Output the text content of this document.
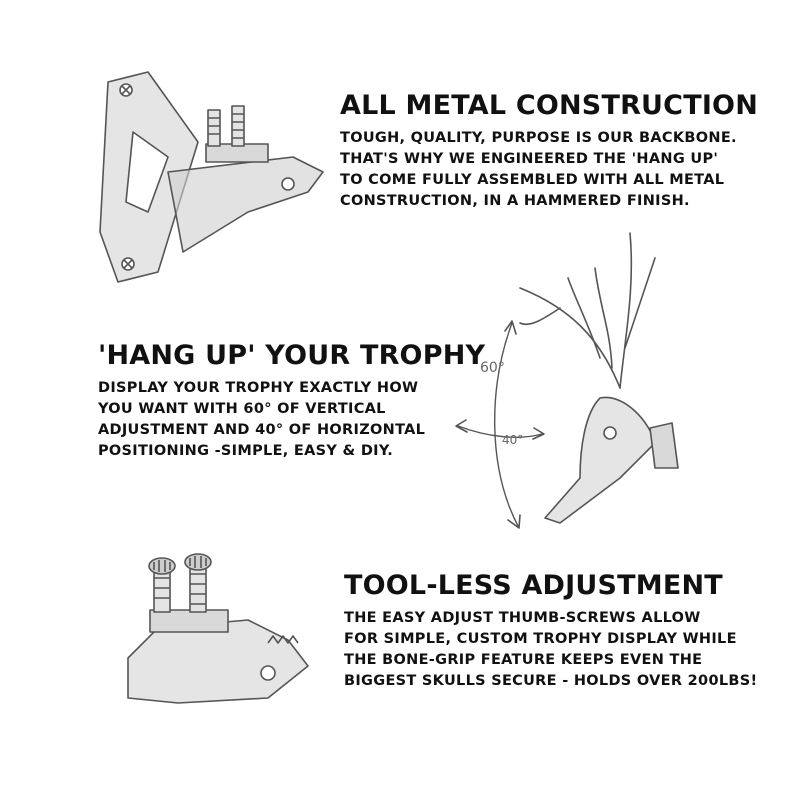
ALL METAL CONSTRUCTION
TOUGH, QUALITY, PURPOSE IS OUR BACKBONE.
THAT'S WHY WE ENGINEERED THE 'HANG UP'
TO COME FULLY ASSEMBLED WITH ALL METAL
CONSTRUCTION, IN A HAMMERED FINISH.
'HANG UP' YOUR TROPHY
DISPLAY YOUR TROPHY EXACTLY HOW
YOU WANT WITH 60° OF VERTICAL
ADJUSTMENT AND 40° OF HORIZONTAL
POSITIONING -SIMPLE, EASY & DIY.
TOOL-LESS ADJUSTMENT
THE EASY ADJUST THUMB-SCREWS ALLOW
FOR SIMPLE, CUSTOM TROPHY DISPLAY WHILE
THE BONE-GRIP FEATURE KEEPS EVEN THE
BIGGEST SKULLS SECURE - HOLDS OVER 200LBS!
60°
40°
